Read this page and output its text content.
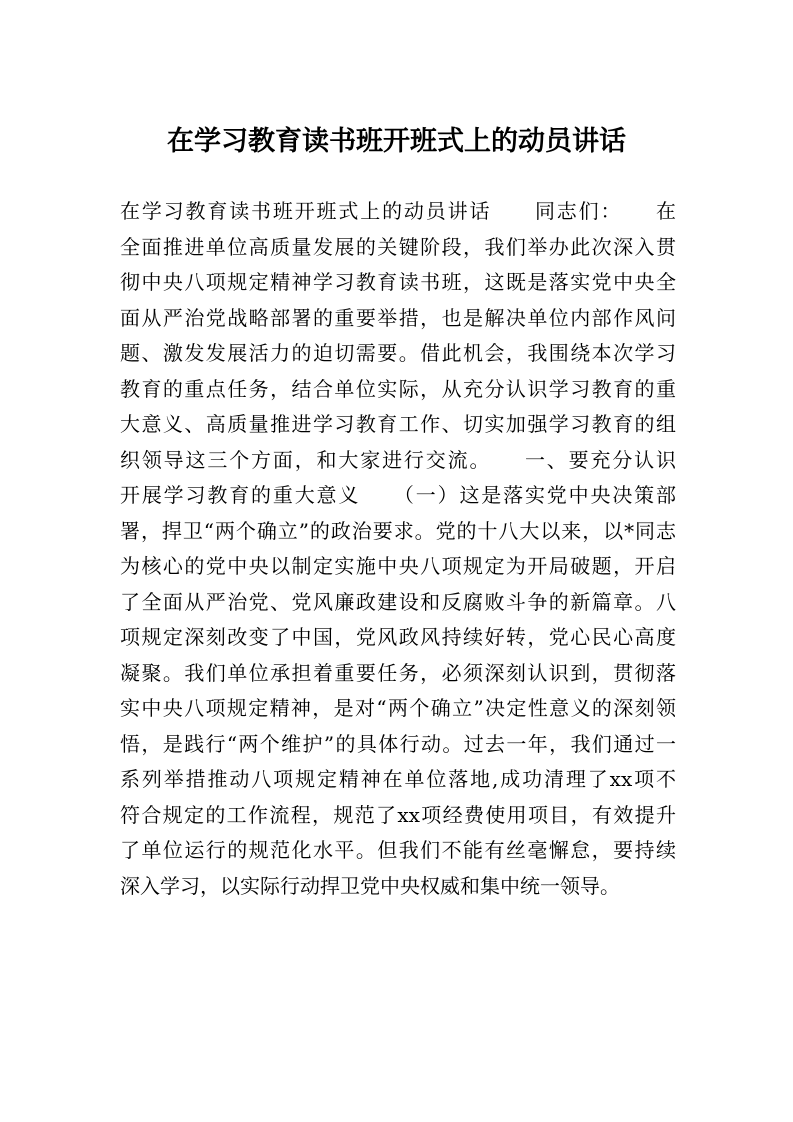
在学习教育读书班开班式上的动员讲话
在学习教育读书班开班式上的动员讲话　　同志们：　　在
全面推进单位高质量发展的关键阶段，我们举办此次深入贯
彻中央八项规定精神学习教育读书班，这既是落实党中央全
面从严治党战略部署的重要举措，也是解决单位内部作风问
题、激发发展活力的迫切需要。借此机会，我围绕本次学习
教育的重点任务，结合单位实际，从充分认识学习教育的重
大意义、高质量推进学习教育工作、切实加强学习教育的组
织领导这三个方面，和大家进行交流。　　一、要充分认识
开展学习教育的重大意义　　（一）这是落实党中央决策部
署，捍卫“两个确立”的政治要求。党的十八大以来，以*同志
为核心的党中央以制定实施中央八项规定为开局破题，开启
了全面从严治党、党风廉政建设和反腐败斗争的新篇章。八
项规定深刻改变了中国，党风政风持续好转，党心民心高度
凝聚。我们单位承担着重要任务，必须深刻认识到，贯彻落
实中央八项规定精神，是对“两个确立”决定性意义的深刻领
悟，是践行“两个维护”的具体行动。过去一年，我们通过一
系列举措推动八项规定精神在单位落地,成功清理了xx项不
符合规定的工作流程，规范了xx项经费使用项目，有效提升
了单位运行的规范化水平。但我们不能有丝毫懈怠，要持续
深入学习，以实际行动捍卫党中央权威和集中统一领导。
